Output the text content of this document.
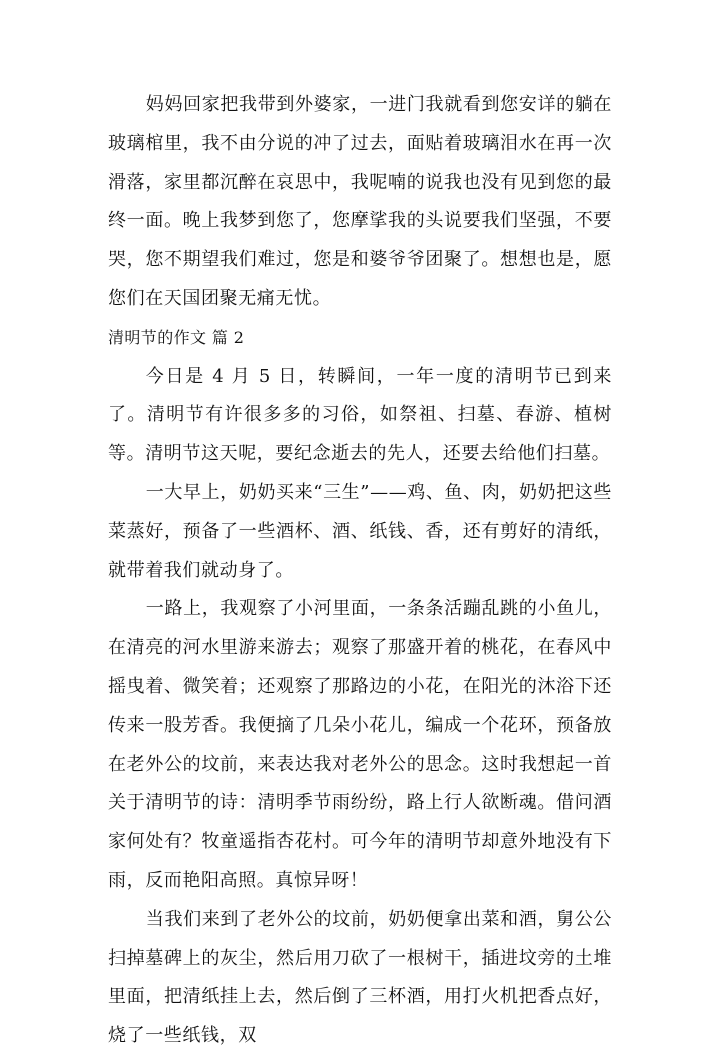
妈妈回家把我带到外婆家，一进门我就看到您安详的躺在玻璃棺里，我不由分说的冲了过去，面贴着玻璃泪水在再一次滑落，家里都沉醉在哀思中，我呢喃的说我也没有见到您的最终一面。晚上我梦到您了，您摩挲我的头说要我们坚强，不要哭，您不期望我们难过，您是和婆爷爷团聚了。想想也是，愿您们在天国团聚无痛无忧。

清明节的作文 篇 2

今日是 4 月 5 日，转瞬间，一年一度的清明节已到来了。清明节有许很多多的习俗，如祭祖、扫墓、春游、植树等。清明节这天呢，要纪念逝去的先人，还要去给他们扫墓。

一大早上，奶奶买来“三生”——鸡、鱼、肉，奶奶把这些菜蒸好，预备了一些酒杯、酒、纸钱、香，还有剪好的清纸，就带着我们就动身了。

一路上，我观察了小河里面，一条条活蹦乱跳的小鱼儿，在清亮的河水里游来游去；观察了那盛开着的桃花，在春风中摇曳着、微笑着；还观察了那路边的小花，在阳光的沐浴下还传来一股芳香。我便摘了几朵小花儿，编成一个花环，预备放在老外公的坟前，来表达我对老外公的思念。这时我想起一首关于清明节的诗：清明季节雨纷纷，路上行人欲断魂。借问酒家何处有？牧童遥指杏花村。可今年的清明节却意外地没有下雨，反而艳阳高照。真惊异呀！

当我们来到了老外公的坟前，奶奶便拿出菜和酒，舅公公扫掉墓碑上的灰尘，然后用刀砍了一根树干，插进坟旁的土堆里面，把清纸挂上去，然后倒了三杯酒，用打火机把香点好，烧了一些纸钱，双
